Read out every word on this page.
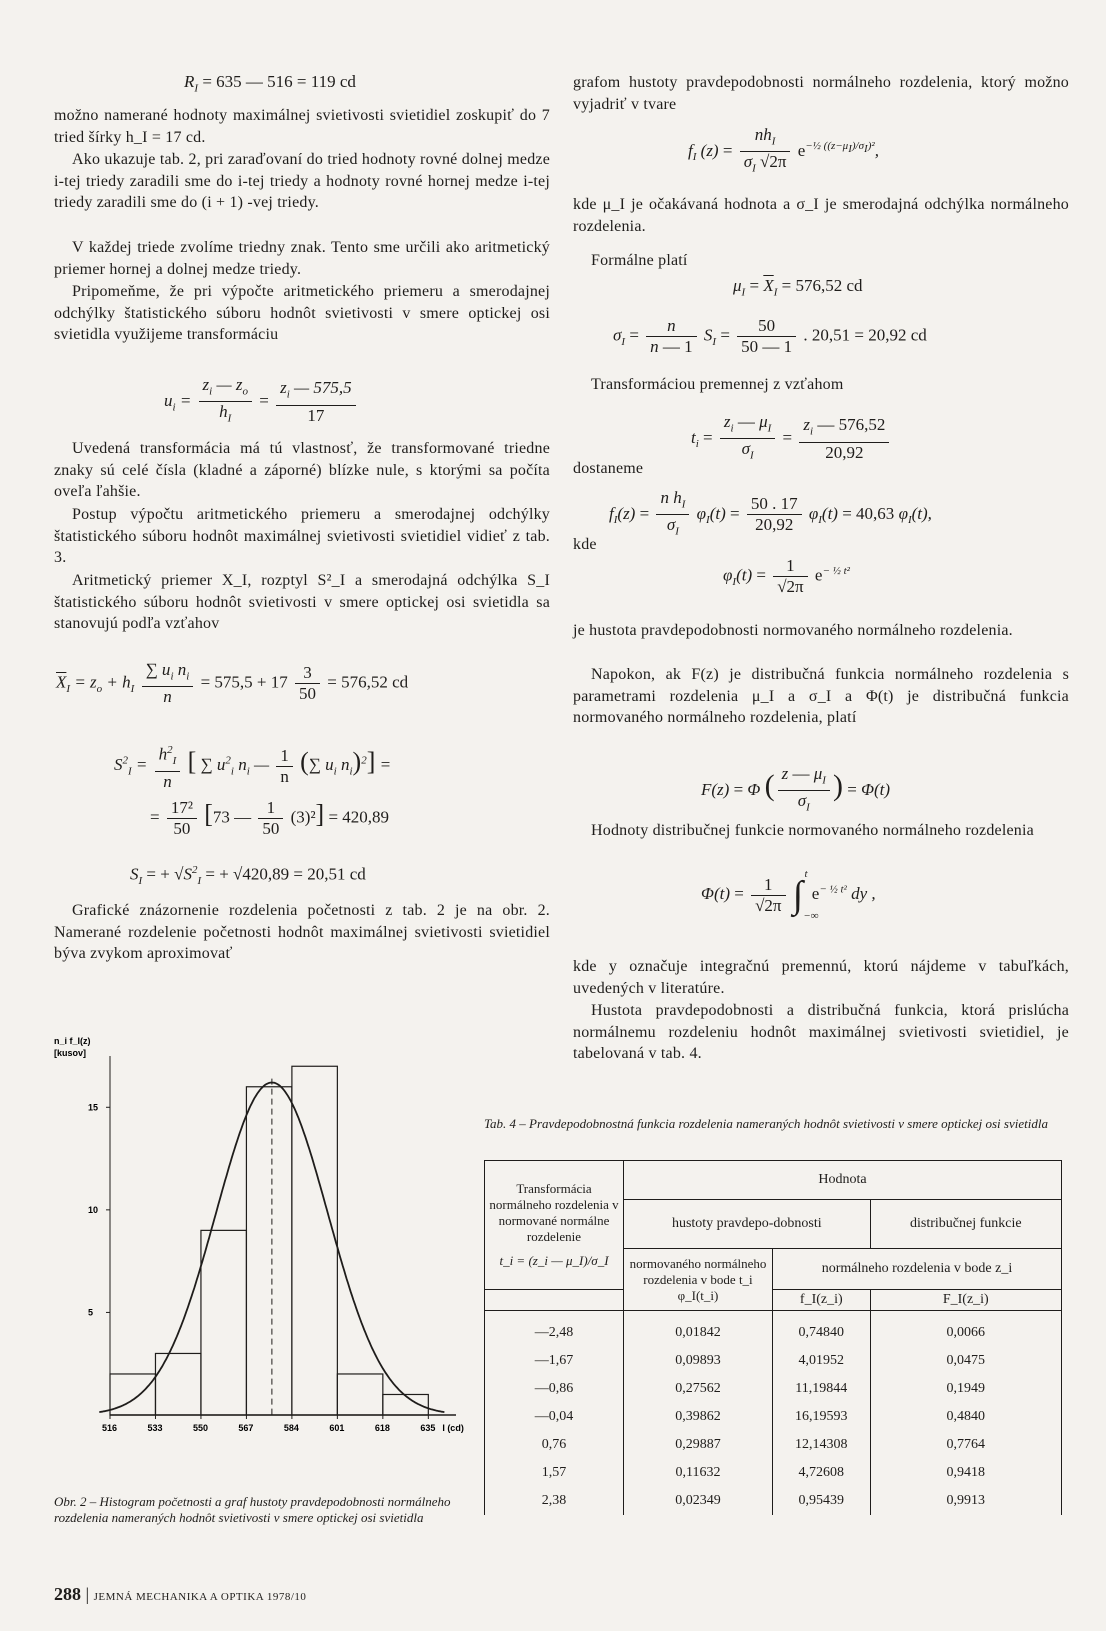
$R_I = 635$ — 516 = 119 cd

možno namerané hodnoty maximálnej svietivosti svietidiel zoskupiť do 7 tried šírky h_I = 17 cd.

Ako ukazuje tab. 2, pri zaraďovaní do tried hodnoty rovné dolnej medze i-tej triedy zaradili sme do i-tej triedy a hodnoty rovné hornej medze i-tej triedy zaradili sme do (i + 1) -vej triedy.

V každej triede zvolíme triedny znak. Tento sme určili ako aritmetický priemer hornej a dolnej medze triedy.

Pripomeňme, že pri výpočte aritmetického priemeru a smerodajnej odchýlky štatistického súboru hodnôt svietivosti v smere optickej osi svietidla využijeme transformáciu

$u_i = \frac{z_i — z_o}{h_I} = \frac{z_i — 575,5}{17}$

Uvedená transformácia má tú vlastnosť, že transformované triedne znaky sú celé čísla (kladné a záporné) blízke nule, s ktorými sa počíta oveľa ľahšie.

Postup výpočtu aritmetického priemeru a smerodajnej odchýlky štatistického súboru hodnôt maximálnej svietivosti svietidiel vidieť z tab. 3.

Aritmetický priemer X_I, rozptyl S²_I a smerodajná odchýlka S_I štatistického súboru hodnôt svietivosti v smere optickej osi svietidla sa stanovujú podľa vzťahov

$\overline{X}_I = z_o + h_I \frac{\sum u_i n_i}{n} = 575,5 + 17 \frac{3}{50} = 576,52$ cd
$S^2_I = \frac{h^2_I}{n}$ [ ∑ $u^2_i$ $n_i$ — $\frac{1}{n}$ (∑ $u_i$ $n_i)^2$] =
= $\frac{\text{17²}}{50} [73$ — $\frac{1}{50} (3)^2] = 420,89$
$S_I$ = + $√S^2_I$ = + √420,89 = 20,51 cd

Grafické znázornenie rozdelenia početnosti z tab. 2 je na obr. 2. Namerané rozdelenie početnosti hodnôt maximálnej svietivosti svietidiel býva zvykom aproximovať

n_i f_I(z)
[kusov]
15
10
5
516	533	550	567	584	601	618	635 I (cd)
Obr. 2 – Histogram početnosti a graf hustoty pravdepodobnosti normálneho rozdelenia nameraných hodnôt svietivosti v smere optickej osi svietidla

grafom hustoty pravdepodobnosti normálneho rozdelenia, ktorý možno vyjadriť v tvare

$f_I$ $(z) = \frac{nh_I}{\sigma_I √2\pi} e^{-\frac{1}{2} ((z-\mu_I)/\sigma_I)^2}$,

kde μ_I je očakávaná hodnota a σ_I je smerodajná odchýlka normálneho rozdelenia.

Formálne platí

$\mu_I = \overline{X}_I = 576,52$ cd
$\sigma_I = \frac{n}{n — 1} S_I = \frac{50}{50 — 1}$ . 20,51 = 20,92 cd

Transformáciou premennej z vzťahom

$t_i = \frac{z_i — \mu_I}{\sigma_I} = \frac{z_i — 576,52}{20,92}$

dostaneme

$f_I(z) = \frac{n h_I}{\sigma_I} \varphi_I(t) = \frac{50 . 17}{20,92} \varphi_I(t) = 40,63$ $\varphi_I(t)$,

kde

$\varphi_I(t) = \frac{1}{√2\pi} e^{- \frac{1}{2} t^2}$

je hustota pravdepodobnosti normovaného normálneho rozdelenia.

Napokon, ak F(z) je distribučná funkcia normálneho rozdelenia s parametrami rozdelenia μ_I a σ_I a Φ(t) je distribučná funkcia normovaného normálneho rozdelenia, platí

F(z) = Φ ( $\frac{z — \mu_I}{\sigma_I}$ ) = Φ(t)

Hodnoty distribučnej funkcie normovaného normálneho rozdelenia

$\Phi(t) = \frac{1}{√2\pi} \int_{-\infty}^t$ $e^{- \frac{1}{2} t^2}$ dy ,

kde y označuje integračnú premennú, ktorú nájdeme v tabuľkách, uvedených v literatúre.

Hustota pravdepodobnosti a distribučná funkcia, ktorá prislúcha normálnemu rozdeleniu hodnôt maximálnej svietivosti svietidiel, je tabelovaná v tab. 4.

Tab. 4 – Pravdepodobnostná funkcia rozdelenia nameraných hodnôt svietivosti v smere optickej osi svietidla
Transformácia normálneho rozdelenia v normované normálne rozdelenie
t_i = (z_i — μ_I)/σ_I	Hodnota		
	hustoty pravdepo-dobnosti		distribučnej funkcie
	normovaného normálneho rozdelenia v bode t_i φ_I(t_i)	normálneho rozdelenia v bode z_i	
		f_I(z_i)	F_I(z_i)
—2,48	0,01842	0,74840	0,0066
—1,67	0,09893	4,01952	0,0475
—0,86	0,27562	11,19844	0,1949
—0,04	0,39862	16,19593	0,4840
0,76	0,29887	12,14308	0,7764
1,57	0,11632	4,72608	0,9418
2,38	0,02349	0,95439	0,9913
288 | JEMNÁ MECHANIKA A OPTIKA 1978/10
